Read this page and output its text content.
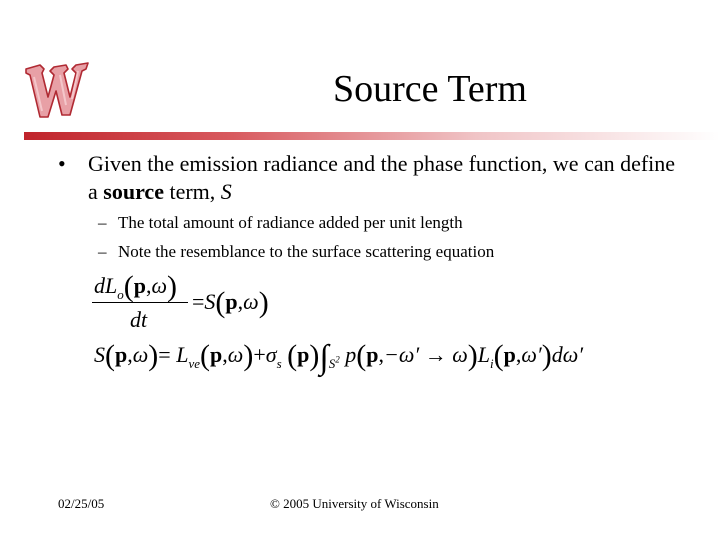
Source Term
• Given the emission radiance and the phase function, we can define a source term, S
– The total amount of radiance added per unit length
– Note the resemblance to the surface scattering equation
$dL_o(p,\omega)$
dt
=S(p,ω)
$S(p,\omega)= L_{ve}(p,\omega)+\sigma_s$ $(p)\int_{S^2}$ $p(p,-\omega' \to \omega)L_i(p,\omega')d\omega'$
02/25/05	© 2005 University of Wisconsin
